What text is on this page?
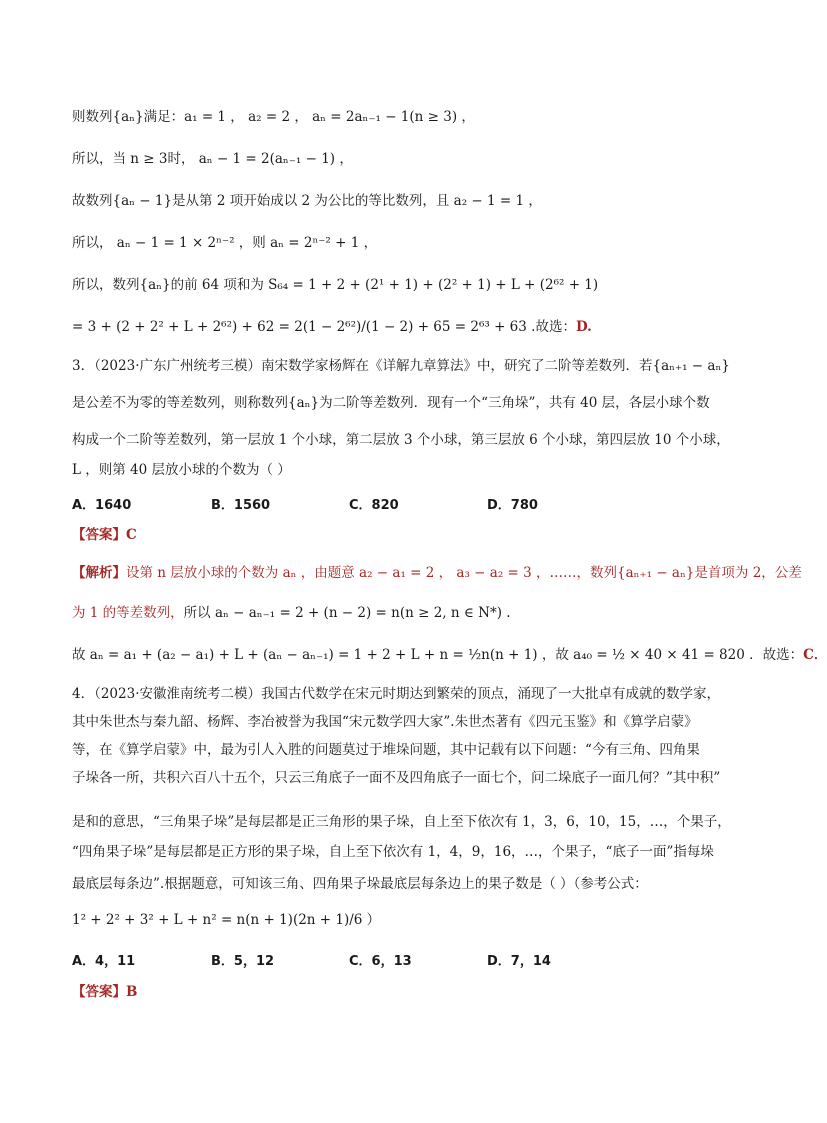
则数列{aₙ}满足：a₁ = 1 ， a₂ = 2 ， aₙ = 2aₙ₋₁ − 1(n ≥ 3) ，
所以，当 n ≥ 3时， aₙ − 1 = 2(aₙ₋₁ − 1) ，
故数列{aₙ − 1}是从第 2 项开始成以 2 为公比的等比数列，且 a₂ − 1 = 1 ，
所以， aₙ − 1 = 1 × 2ⁿ⁻² ，则 aₙ = 2ⁿ⁻² + 1 ，
所以，数列{aₙ}的前 64 项和为 S₆₄ = 1 + 2 + (2¹ + 1) + (2² + 1) + L + (2⁶² + 1)
= 3 + (2 + 2² + L + 2⁶²) + 62 = 2(1 − 2⁶²)/(1 − 2) + 65 = 2⁶³ + 63 .故选：D.
3．（2023·广东广州统考三模）南宋数学家杨辉在《详解九章算法》中，研究了二阶等差数列．若{aₙ₊₁ − aₙ}
是公差不为零的等差数列，则称数列{aₙ}为二阶等差数列．现有一个“三角垛”，共有 40 层，各层小球个数
构成一个二阶等差数列，第一层放 1 个小球，第二层放 3 个小球，第三层放 6 个小球，第四层放 10 个小球，
L ，则第 40 层放小球的个数为（ ）
A．1640	B．1560	C．820	D．780
【答案】C
【解析】设第 n 层放小球的个数为 aₙ ，由题意 a₂ − a₁ = 2 ， a₃ − a₂ = 3 ，……，数列{aₙ₊₁ − aₙ}是首项为 2，公差
为 1 的等差数列，所以 aₙ − aₙ₋₁ = 2 + (n − 2) = n(n ≥ 2, n ∈ N*) .
故 aₙ = a₁ + (a₂ − a₁) + L + (aₙ − aₙ₋₁) = 1 + 2 + L + n = ½n(n + 1) ，故 a₄₀ = ½ × 40 × 41 = 820 ．故选：C．
4．（2023·安徽淮南统考二模）我国古代数学在宋元时期达到繁荣的顶点，涌现了一大批卓有成就的数学家，
其中朱世杰与秦九韶、杨辉、李冶被誉为我国“宋元数学四大家”.朱世杰著有《四元玉鉴》和《算学启蒙》
等，在《算学启蒙》中，最为引人入胜的问题莫过于堆垛问题，其中记载有以下问题：“今有三角、四角果
子垛各一所，共积六百八十五个，只云三角底子一面不及四角底子一面七个，问二垛底子一面几何？”其中积”
是和的意思，“三角果子垛”是每层都是正三角形的果子垛，自上至下依次有 1，3，6，10，15，…，个果子，
“四角果子垛”是每层都是正方形的果子垛，自上至下依次有 1，4，9，16，…，个果子，“底子一面”指每垛
最底层每条边”.根据题意，可知该三角、四角果子垛最底层每条边上的果子数是（ ）（参考公式：
1² + 2² + 3² + L + n² = n(n + 1)(2n + 1)/6 ）
A．4，11	B．5，12	C．6，13	D．7，14
【答案】B
